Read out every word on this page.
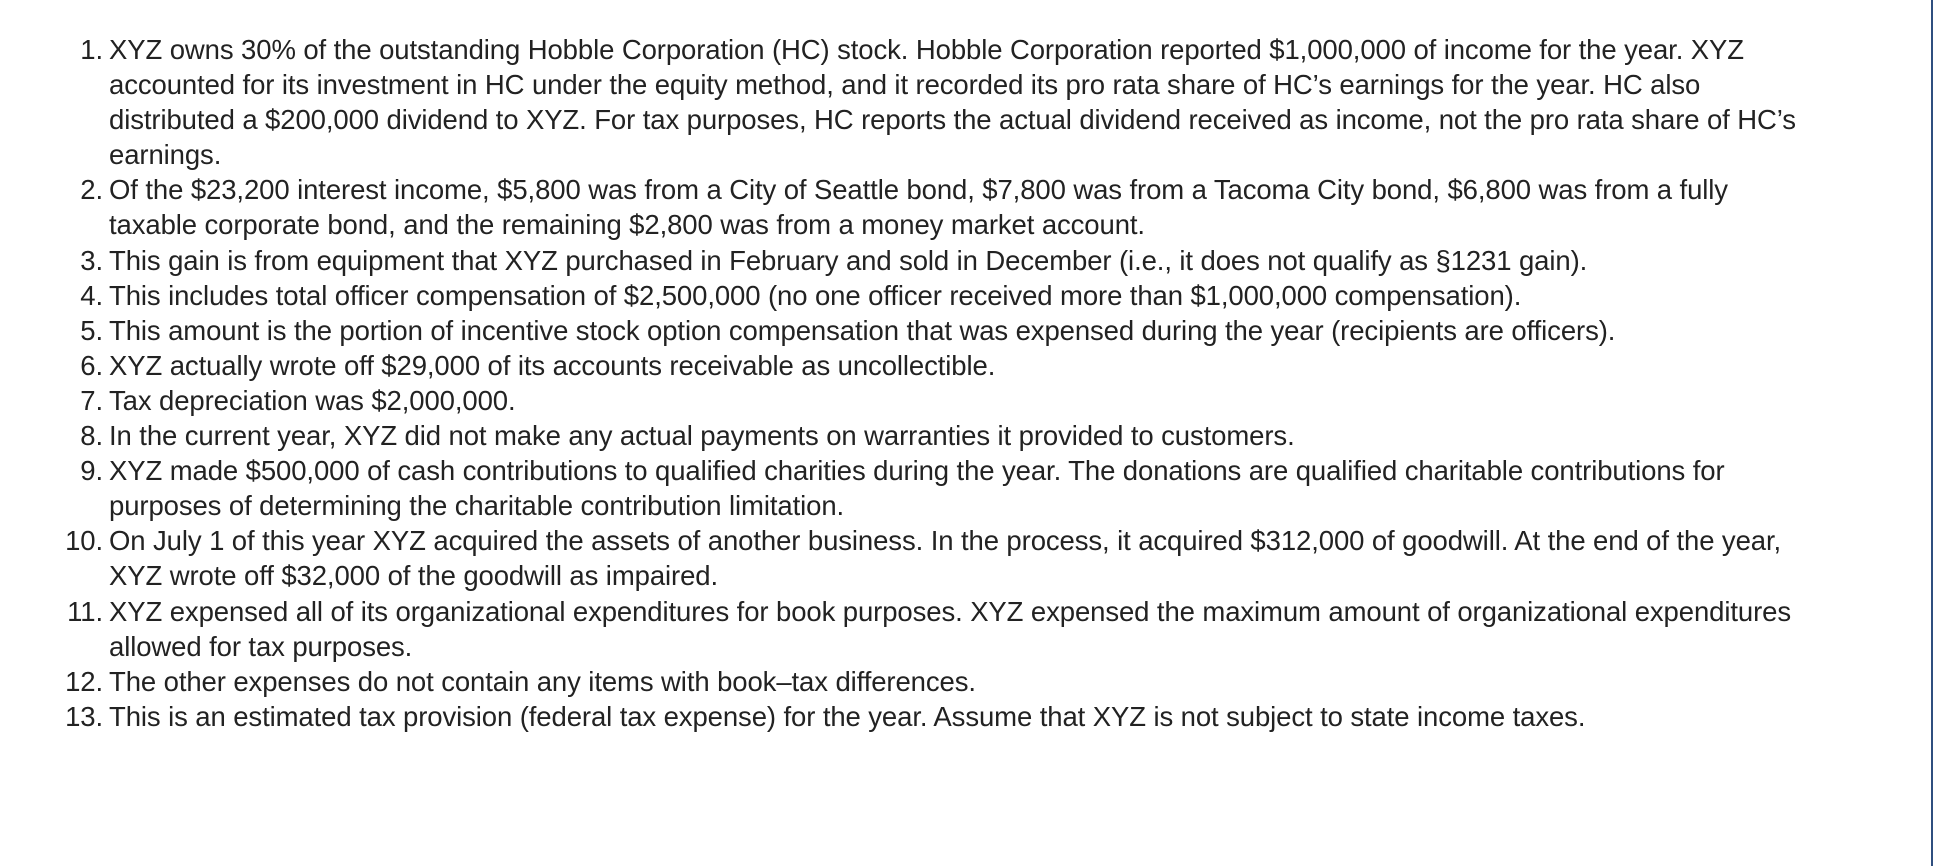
1. XYZ owns 30% of the outstanding Hobble Corporation (HC) stock. Hobble Corporation reported $1,000,000 of income for the year. XYZ accounted for its investment in HC under the equity method, and it recorded its pro rata share of HC’s earnings for the year. HC also distributed a $200,000 dividend to XYZ. For tax purposes, HC reports the actual dividend received as income, not the pro rata share of HC’s earnings.
2. Of the $23,200 interest income, $5,800 was from a City of Seattle bond, $7,800 was from a Tacoma City bond, $6,800 was from a fully taxable corporate bond, and the remaining $2,800 was from a money market account.
3. This gain is from equipment that XYZ purchased in February and sold in December (i.e., it does not qualify as §1231 gain).
4. This includes total officer compensation of $2,500,000 (no one officer received more than $1,000,000 compensation).
5. This amount is the portion of incentive stock option compensation that was expensed during the year (recipients are officers).
6. XYZ actually wrote off $29,000 of its accounts receivable as uncollectible.
7. Tax depreciation was $2,000,000.
8. In the current year, XYZ did not make any actual payments on warranties it provided to customers.
9. XYZ made $500,000 of cash contributions to qualified charities during the year. The donations are qualified charitable contributions for purposes of determining the charitable contribution limitation.
10. On July 1 of this year XYZ acquired the assets of another business. In the process, it acquired $312,000 of goodwill. At the end of the year, XYZ wrote off $32,000 of the goodwill as impaired.
11. XYZ expensed all of its organizational expenditures for book purposes. XYZ expensed the maximum amount of organizational expenditures allowed for tax purposes.
12. The other expenses do not contain any items with book–tax differences.
13. This is an estimated tax provision (federal tax expense) for the year. Assume that XYZ is not subject to state income taxes.
